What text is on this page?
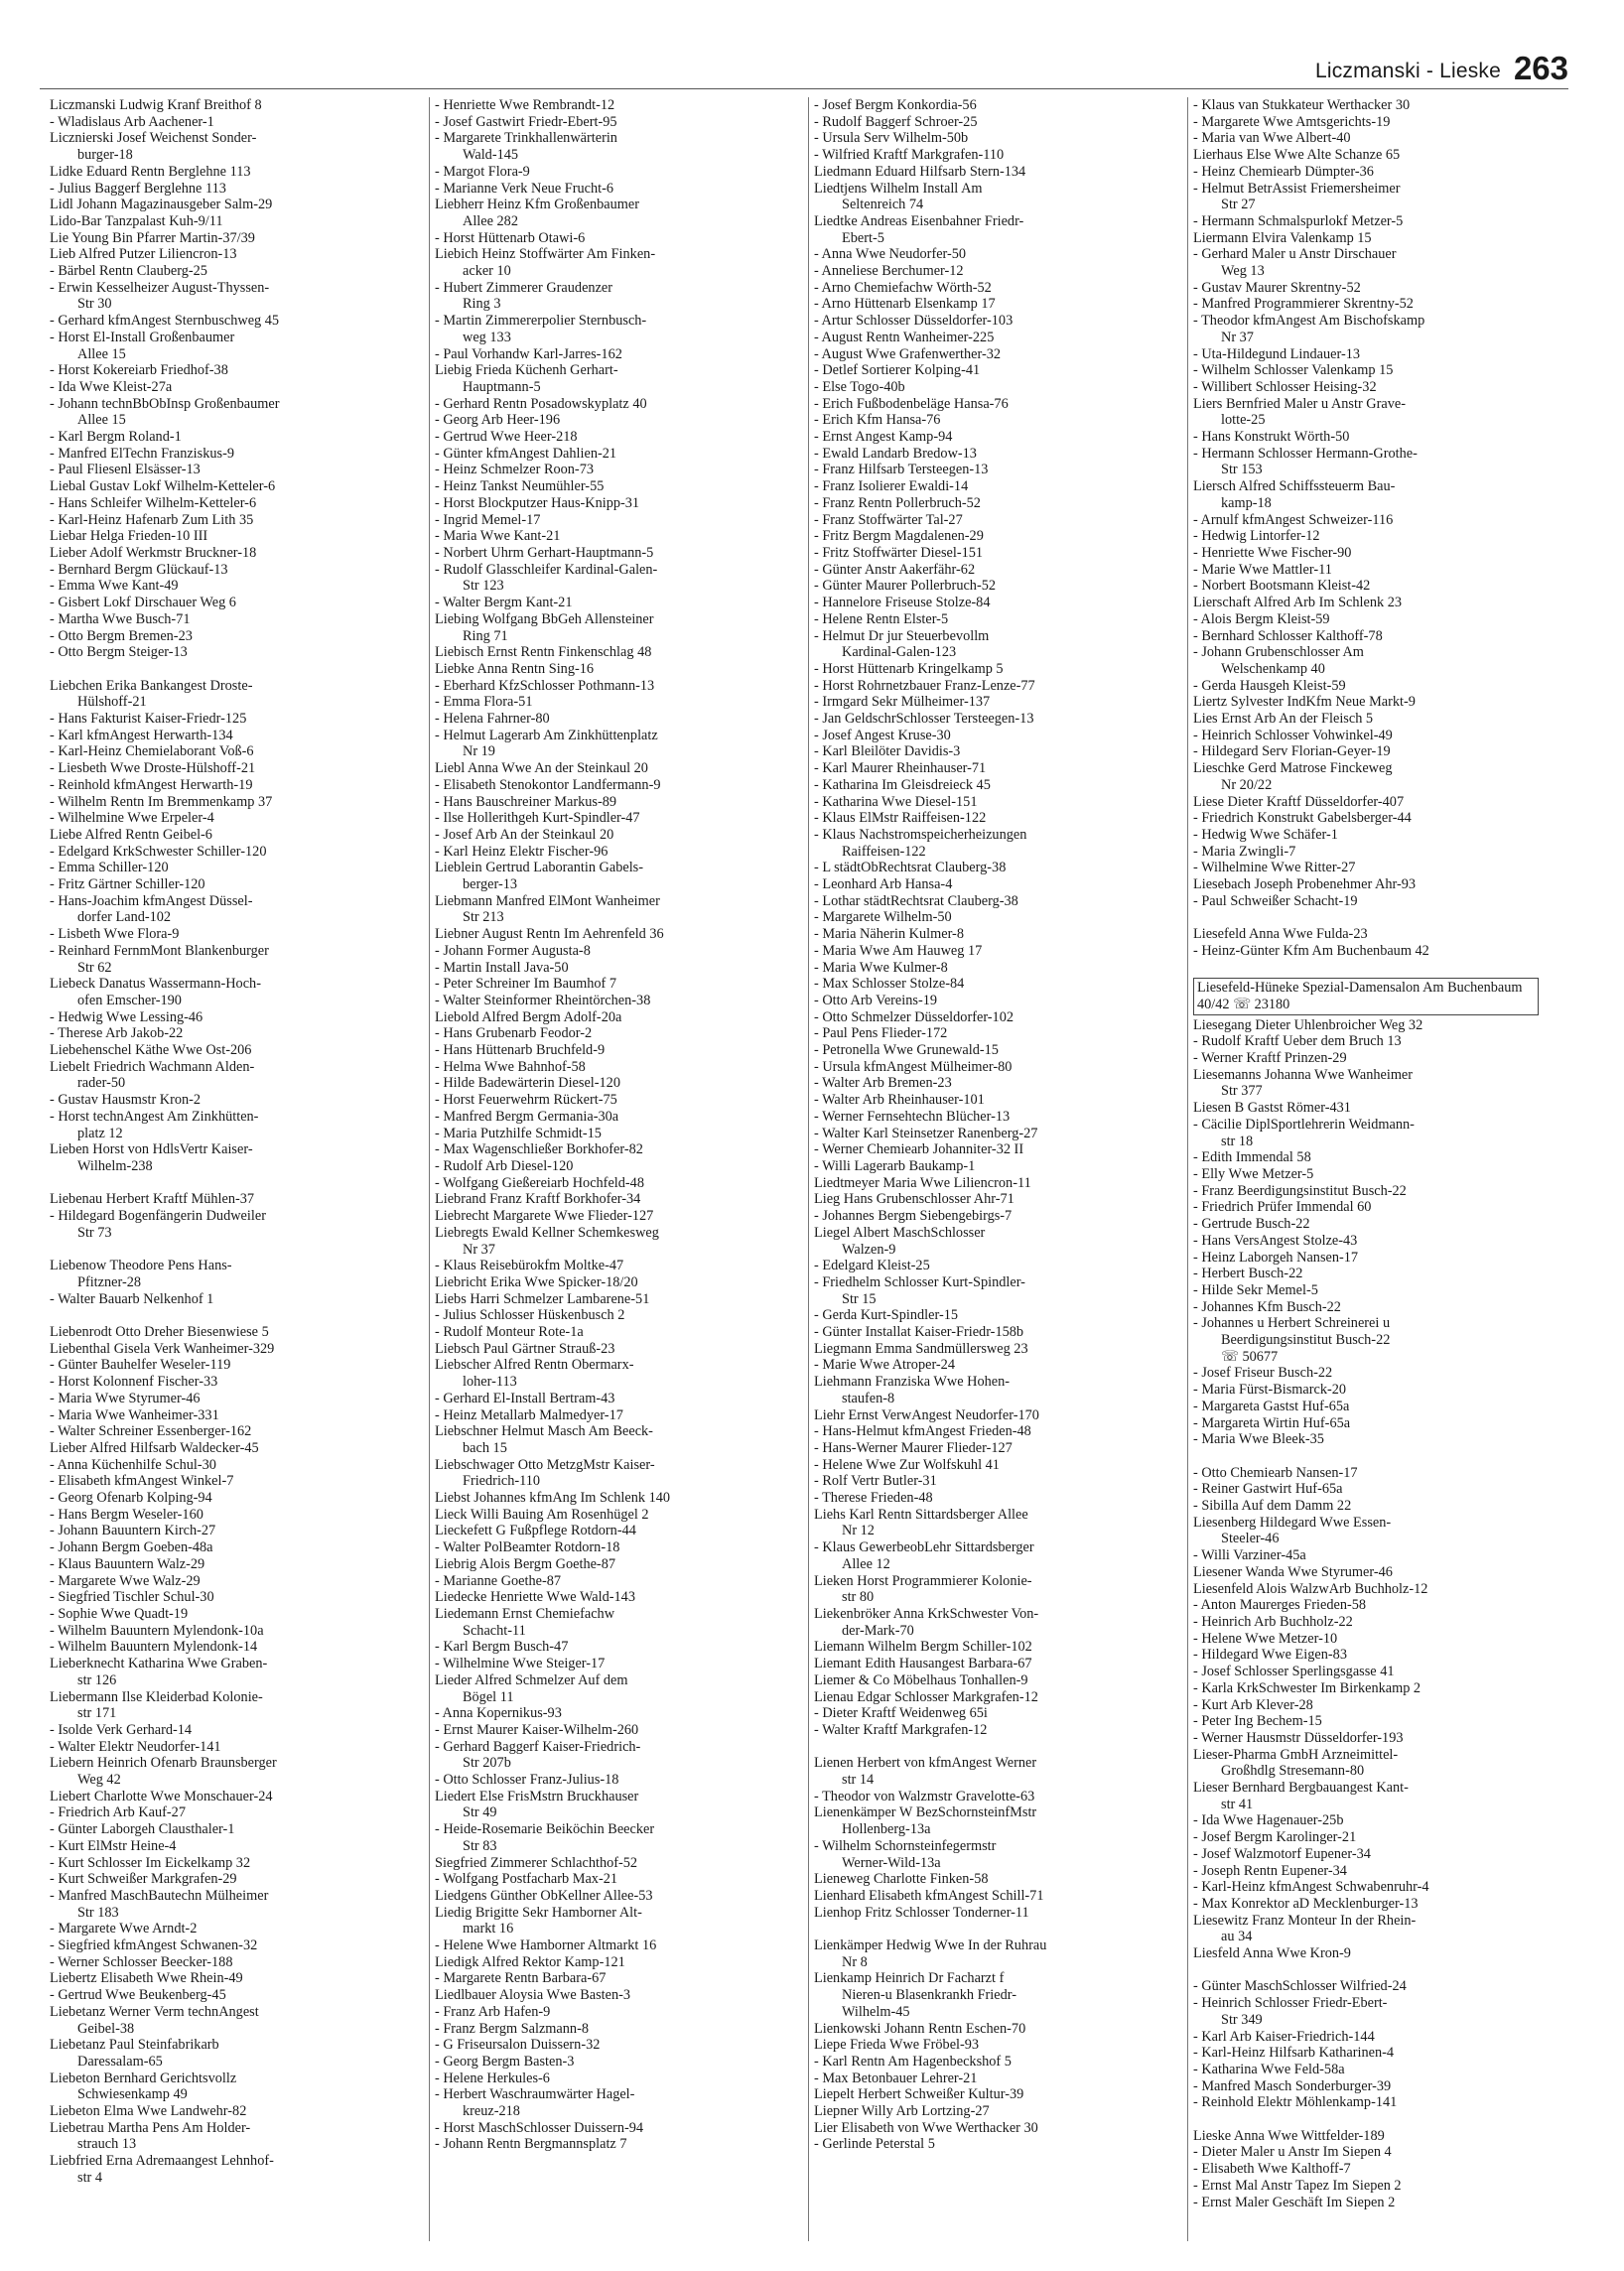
Liczmanski - Lieske 263
Liczmanski Ludwig Kranf Breithof 8
- Wladislaus Arb Aachener-1
Licznierski Josef Weichenst Sonder-
burger-18
Lidke Eduard Rentn Berglehne 113
- Julius Baggerf Berglehne 113
Lidl Johann Magazinausgeber Salm-29
Lido-Bar Tanzpalast Kuh-9/11
Lie Young Bin Pfarrer Martin-37/39
Lieb Alfred Putzer Liliencron-13
- Bärbel Rentn Clauberg-25
- Erwin Kesselheizer August-Thyssen-
Str 30
- Gerhard kfmAngest Sternbuschweg 45
- Horst El-Install Großenbaumer
Allee 15
- Horst Kokereiarb Friedhof-38
- Ida Wwe Kleist-27a
- Johann technBbObInsp Großenbaumer
Allee 15
- Karl Bergm Roland-1
- Manfred ElTechn Franziskus-9
- Paul Fliesenl Elsässer-13
Liebal Gustav Lokf Wilhelm-Ketteler-6
- Hans Schleifer Wilhelm-Ketteler-6
- Karl-Heinz Hafenarb Zum Lith 35
Liebar Helga Frieden-10 III
Lieber Adolf Werkmstr Bruckner-18
- Bernhard Bergm Glückauf-13
- Emma Wwe Kant-49
- Gisbert Lokf Dirschauer Weg 6
- Martha Wwe Busch-71
- Otto Bergm Bremen-23
- Otto Bergm Steiger-13

Liebchen Erika Bankangest Droste-
Hülshoff-21
- Hans Fakturist Kaiser-Friedr-125
- Karl kfmAngest Herwarth-134
- Karl-Heinz Chemielaborant Voß-6
- Liesbeth Wwe Droste-Hülshoff-21
- Reinhold kfmAngest Herwarth-19
- Wilhelm Rentn Im Bremmenkamp 37
- Wilhelmine Wwe Erpeler-4
Liebe Alfred Rentn Geibel-6
- Edelgard KrkSchwester Schiller-120
- Emma Schiller-120
- Fritz Gärtner Schiller-120
- Hans-Joachim kfmAngest Düssel-
dorfer Land-102
- Lisbeth Wwe Flora-9
- Reinhard FernmMont Blankenburger
Str 62
Liebeck Danatus Wassermann-Hoch-
ofen Emscher-190
- Hedwig Wwe Lessing-46
- Therese Arb Jakob-22
Liebehenschel Käthe Wwe Ost-206
Liebelt Friedrich Wachmann Alden-
rader-50
- Gustav Hausmstr Kron-2
- Horst technAngest Am Zinkhütten-
platz 12
Lieben Horst von HdlsVertr Kaiser-
Wilhelm-238

Liebenau Herbert Kraftf Mühlen-37
- Hildegard Bogenfängerin Dudweiler
Str 73

Liebenow Theodore Pens Hans-
Pfitzner-28
- Walter Bauarb Nelkenhof 1

Liebenrodt Otto Dreher Biesenwiese 5
Liebenthal Gisela Verk Wanheimer-329
- Günter Bauhelfer Weseler-119
- Horst Kolonnenf Fischer-33
- Maria Wwe Styrumer-46
- Maria Wwe Wanheimer-331
- Walter Schreiner Essenberger-162
Lieber Alfred Hilfsarb Waldecker-45
- Anna Küchenhilfe Schul-30
- Elisabeth kfmAngest Winkel-7
- Georg Ofenarb Kolping-94
- Hans Bergm Weseler-160
- Johann Bauuntern Kirch-27
- Johann Bergm Goeben-48a
- Klaus Bauuntern Walz-29
- Margarete Wwe Walz-29
- Siegfried Tischler Schul-30
- Sophie Wwe Quadt-19
- Wilhelm Bauuntern Mylendonk-10a
- Wilhelm Bauuntern Mylendonk-14
Lieberknecht Katharina Wwe Graben-
str 126
Liebermann Ilse Kleiderbad Kolonie-
str 171
- Isolde Verk Gerhard-14
- Walter Elektr Neudorfer-141
Liebern Heinrich Ofenarb Braunsberger
Weg 42
Liebert Charlotte Wwe Monschauer-24
- Friedrich Arb Kauf-27
- Günter Laborgeh Clausthaler-1
- Kurt ElMstr Heine-4
- Kurt Schlosser Im Eickelkamp 32
- Kurt Schweißer Markgrafen-29
- Manfred MaschBautechn Mülheimer
Str 183
- Margarete Wwe Arndt-2
- Siegfried kfmAngest Schwanen-32
- Werner Schlosser Beecker-188
Liebertz Elisabeth Wwe Rhein-49
- Gertrud Wwe Beukenberg-45
Liebetanz Werner Verm technAngest
Geibel-38
Liebetanz Paul Steinfabrikarb
Daressalam-65
Liebeton Bernhard Gerichtsvollz
Schwiesenkamp 49
Liebeton Elma Wwe Landwehr-82
Liebetrau Martha Pens Am Holder-
strauch 13
Liebfried Erna Adremaangest Lehnhof-
str 4
- Henriette Wwe Rembrandt-12
- Josef Gastwirt Friedr-Ebert-95
- Margarete Trinkhallenwärterin
Wald-145
- Margot Flora-9
- Marianne Verk Neue Frucht-6
Liebherr Heinz Kfm Großenbaumer
Allee 282
- Horst Hüttenarb Otawi-6
Liebich Heinz Stoffwärter Am Finken-
acker 10
- Hubert Zimmerer Graudenzer
Ring 3
- Martin Zimmererpolier Sternbusch-
weg 133
- Paul Vorhandw Karl-Jarres-162
Liebig Frieda Küchenh Gerhart-
Hauptmann-5
- Gerhard Rentn Posadowskyplatz 40
- Georg Arb Heer-196
- Gertrud Wwe Heer-218
- Günter kfmAngest Dahlien-21
- Heinz Schmelzer Roon-73
- Heinz Tankst Neumühler-55
- Horst Blockputzer Haus-Knipp-31
- Ingrid Memel-17
- Maria Wwe Kant-21
- Norbert Uhrm Gerhart-Hauptmann-5
- Rudolf Glasschleifer Kardinal-Galen-
Str 123
- Walter Bergm Kant-21
Liebing Wolfgang BbGeh Allensteiner
Ring 71
Liebisch Ernst Rentn Finkenschlag 48
Liebke Anna Rentn Sing-16
- Eberhard KfzSchlosser Pothmann-13
- Emma Flora-51
- Helena Fahrner-80
- Helmut Lagerarb Am Zinkhüttenplatz
Nr 19
Liebl Anna Wwe An der Steinkaul 20
- Elisabeth Stenokontor Landfermann-9
- Hans Bauschreiner Markus-89
- Ilse Hollerithgeh Kurt-Spindler-47
- Josef Arb An der Steinkaul 20
- Karl Heinz Elektr Fischer-96
Lieblein Gertrud Laborantin Gabels-
berger-13
Liebmann Manfred ElMont Wanheimer
Str 213
Liebner August Rentn Im Aehrenfeld 36
- Johann Former Augusta-8
- Martin Install Java-50
- Peter Schreiner Im Baumhof 7
- Walter Steinformer Rheintörchen-38
Liebold Alfred Bergm Adolf-20a
- Hans Grubenarb Feodor-2
- Hans Hüttenarb Bruchfeld-9
- Helma Wwe Bahnhof-58
- Hilde Badewärterin Diesel-120
- Horst Feuerwehrm Rückert-75
- Manfred Bergm Germania-30a
- Maria Putzhilfe Schmidt-15
- Max Wagenschließer Borkhofer-82
- Rudolf Arb Diesel-120
- Wolfgang Gießereiarb Hochfeld-48
Liebrand Franz Kraftf Borkhofer-34
Liebrecht Margarete Wwe Flieder-127
Liebregts Ewald Kellner Schemkesweg
Nr 37
- Klaus Reisebürokfm Moltke-47
Liebricht Erika Wwe Spicker-18/20
Liebs Harri Schmelzer Lambarene-51
- Julius Schlosser Hüskenbusch 2
- Rudolf Monteur Rote-1a
Liebsch Paul Gärtner Strauß-23
Liebscher Alfred Rentn Obermarx-
loher-113
- Gerhard El-Install Bertram-43
- Heinz Metallarb Malmedyer-17
Liebschner Helmut Masch Am Beeck-
bach 15
Liebschwager Otto MetzgMstr Kaiser-
Friedrich-110
Liebst Johannes kfmAng Im Schlenk 140
Lieck Willi Bauing Am Rosenhügel 2
Lieckefett G Fußpflege Rotdorn-44
- Walter PolBeamter Rotdorn-18
Liebrig Alois Bergm Goethe-87
- Marianne Goethe-87
Liedecke Henriette Wwe Wald-143
Liedemann Ernst Chemiefachw
Schacht-11
- Karl Bergm Busch-47
- Wilhelmine Wwe Steiger-17
Lieder Alfred Schmelzer Auf dem
Bögel 11
- Anna Kopernikus-93
- Ernst Maurer Kaiser-Wilhelm-260
- Gerhard Baggerf Kaiser-Friedrich-
Str 207b
- Otto Schlosser Franz-Julius-18
Liedert Else FrisMstrn Bruckhauser
Str 49
- Heide-Rosemarie Beiköchin Beecker
Str 83
Siegfried Zimmerer Schlachthof-52
- Wolfgang Postfacharb Max-21
Liedgens Günther ObKellner Allee-53
Liedig Brigitte Sekr Hamborner Alt-
markt 16
- Helene Wwe Hamborner Altmarkt 16
Liedigk Alfred Rektor Kamp-121
- Margarete Rentn Barbara-67
Liedlbauer Aloysia Wwe Basten-3
- Franz Arb Hafen-9
- Franz Bergm Salzmann-8
- G Friseursalon Duissern-32
- Georg Bergm Basten-3
- Helene Herkules-6
- Herbert Waschraumwärter Hagel-
kreuz-218
- Horst MaschSchlosser Duissern-94
- Johann Rentn Bergmannsplatz 7
- Josef Bergm Konkordia-56
- Rudolf Baggerf Schroer-25
- Ursula Serv Wilhelm-50b
- Wilfried Kraftf Markgrafen-110
Liedmann Eduard Hilfsarb Stern-134
Liedtjens Wilhelm Install Am
Seltenreich 74
Liedtke Andreas Eisenbahner Friedr-
Ebert-5
- Anna Wwe Neudorfer-50
- Anneliese Berchumer-12
- Arno Chemiefachw Wörth-52
- Arno Hüttenarb Elsenkamp 17
- Artur Schlosser Düsseldorfer-103
- August Rentn Wanheimer-225
- August Wwe Grafenwerther-32
- Detlef Sortierer Kolping-41
- Else Togo-40b
- Erich Fußbodenbeläge Hansa-76
- Erich Kfm Hansa-76
- Ernst Angest Kamp-94
- Ewald Landarb Bredow-13
- Franz Hilfsarb Tersteegen-13
- Franz Isolierer Ewaldi-14
- Franz Rentn Pollerbruch-52
- Franz Stoffwärter Tal-27
- Fritz Bergm Magdalenen-29
- Fritz Stoffwärter Diesel-151
- Günter Anstr Aakerfähr-62
- Günter Maurer Pollerbruch-52
- Hannelore Friseuse Stolze-84
- Helene Rentn Elster-5
- Helmut Dr jur Steuerbevollm
Kardinal-Galen-123
- Horst Hüttenarb Kringelkamp 5
- Horst Rohrnetzbauer Franz-Lenze-77
- Irmgard Sekr Mülheimer-137
- Jan GeldschrSchlosser Tersteegen-13
- Josef Angest Kruse-30
- Karl Bleilöter Davidis-3
- Karl Maurer Rheinhauser-71
- Katharina Im Gleisdreieck 45
- Katharina Wwe Diesel-151
- Klaus ElMstr Raiffeisen-122
- Klaus Nachstromspeicherheizungen
Raiffeisen-122
- L städtObRechtsrat Clauberg-38
- Leonhard Arb Hansa-4
- Lothar städtRechtsrat Clauberg-38
- Margarete Wilhelm-50
- Maria Näherin Kulmer-8
- Maria Wwe Am Hauweg 17
- Maria Wwe Kulmer-8
- Max Schlosser Stolze-84
- Otto Arb Vereins-19
- Otto Schmelzer Düsseldorfer-102
- Paul Pens Flieder-172
- Petronella Wwe Grunewald-15
- Ursula kfmAngest Mülheimer-80
- Walter Arb Bremen-23
- Walter Arb Rheinhauser-101
- Werner Fernsehtechn Blücher-13
- Walter Karl Steinsetzer Ranenberg-27
- Werner Chemiearb Johanniter-32 II
- Willi Lagerarb Baukamp-1
Liedtmeyer Maria Wwe Liliencron-11
Lieg Hans Grubenschlosser Ahr-71
- Johannes Bergm Siebengebirgs-7
Liegel Albert MaschSchlosser
Walzen-9
- Edelgard Kleist-25
- Friedhelm Schlosser Kurt-Spindler-
Str 15
- Gerda Kurt-Spindler-15
- Günter Installat Kaiser-Friedr-158b
Liegmann Emma Sandmüllersweg 23
- Marie Wwe Atroper-24
Liehmann Franziska Wwe Hohen-
staufen-8
Liehr Ernst VerwAngest Neudorfer-170
- Hans-Helmut kfmAngest Frieden-48
- Hans-Werner Maurer Flieder-127
- Helene Wwe Zur Wolfskuhl 41
- Rolf Vertr Butler-31
- Therese Frieden-48
Liehs Karl Rentn Sittardsberger Allee
Nr 12
- Klaus GewerbeobLehr Sittardsberger
Allee 12
Lieken Horst Programmierer Kolonie-
str 80
Liekenbröker Anna KrkSchwester Von-
der-Mark-70
Liemann Wilhelm Bergm Schiller-102
Liemant Edith Hausangest Barbara-67
Liemer & Co Möbelhaus Tonhallen-9
Lienau Edgar Schlosser Markgrafen-12
- Dieter Kraftf Weidenweg 65i
- Walter Kraftf Markgrafen-12

Lienen Herbert von kfmAngest Werner
str 14
- Theodor von Walzmstr Gravelotte-63
Lienenkämper W BezSchornsteinfMstr
Hollenberg-13a
- Wilhelm Schornsteinfegermstr
Werner-Wild-13a
Lieneweg Charlotte Finken-58
Lienhard Elisabeth kfmAngest Schill-71
Lienhop Fritz Schlosser Tonderner-11

Lienkämper Hedwig Wwe In der Ruhrau
Nr 8
Lienkamp Heinrich Dr Facharzt f
Nieren-u Blasenkrankh Friedr-
Wilhelm-45
Lienkowski Johann Rentn Eschen-70
Liepe Frieda Wwe Fröbel-93
- Karl Rentn Am Hagenbeckshof 5
- Max Betonbauer Lehrer-21
Liepelt Herbert Schweißer Kultur-39
Liepner Willy Arb Lortzing-27
Lier Elisabeth von Wwe Werthacker 30
- Gerlinde Peterstal 5
- Klaus van Stukkateur Werthacker 30
- Margarete Wwe Amtsgerichts-19
- Maria van Wwe Albert-40
Lierhaus Else Wwe Alte Schanze 65
- Heinz Chemiearb Dümpter-36
- Helmut BetrAssist Friemersheimer
Str 27
- Hermann Schmalspurlokf Metzer-5
Liermann Elvira Valenkamp 15
- Gerhard Maler u Anstr Dirschauer
Weg 13
- Gustav Maurer Skrentny-52
- Manfred Programmierer Skrentny-52
- Theodor kfmAngest Am Bischofskamp
Nr 37
- Uta-Hildegund Lindauer-13
- Wilhelm Schlosser Valenkamp 15
- Willibert Schlosser Heising-32
Liers Bernfried Maler u Anstr Grave-
lotte-25
- Hans Konstrukt Wörth-50
- Hermann Schlosser Hermann-Grothe-
Str 153
Liersch Alfred Schiffssteuerm Bau-
kamp-18
- Arnulf kfmAngest Schweizer-116
- Hedwig Lintorfer-12
- Henriette Wwe Fischer-90
- Marie Wwe Mattler-11
- Norbert Bootsmann Kleist-42
Lierschaft Alfred Arb Im Schlenk 23
- Alois Bergm Kleist-59
- Bernhard Schlosser Kalthoff-78
- Johann Grubenschlosser Am
Welschenkamp 40
- Gerda Hausgeh Kleist-59
Liertz Sylvester IndKfm Neue Markt-9
Lies Ernst Arb An der Fleisch 5
- Heinrich Schlosser Vohwinkel-49
- Hildegard Serv Florian-Geyer-19
Lieschke Gerd Matrose Finckeweg
Nr 20/22
Liese Dieter Kraftf Düsseldorfer-407
- Friedrich Konstrukt Gabelsberger-44
- Hedwig Wwe Schäfer-1
- Maria Zwingli-7
- Wilhelmine Wwe Ritter-27
Liesebach Joseph Probenehmer Ahr-93
- Paul Schweißer Schacht-19

Liesefeld Anna Wwe Fulda-23
- Heinz-Günter Kfm Am Buchenbaum 42

Liesefeld-Hüneke Spezial-Damensalon Am Buchenbaum 40/42 ☏ 23180
Liesegang Dieter Uhlenbroicher Weg 32
- Rudolf Kraftf Ueber dem Bruch 13
- Werner Kraftf Prinzen-29
Liesemanns Johanna Wwe Wanheimer
Str 377
Liesen B Gastst Römer-431
- Cäcilie DiplSportlehrerin Weidmann-
str 18
- Edith Immendal 58
- Elly Wwe Metzer-5
- Franz Beerdigungsinstitut Busch-22
- Friedrich Prüfer Immendal 60
- Gertrude Busch-22
- Hans VersAngest Stolze-43
- Heinz Laborgeh Nansen-17
- Herbert Busch-22
- Hilde Sekr Memel-5
- Johannes Kfm Busch-22
- Johannes u Herbert Schreinerei u
Beerdigungsinstitut Busch-22
☏ 50677
- Josef Friseur Busch-22
- Maria Fürst-Bismarck-20
- Margareta Gastst Huf-65a
- Margareta Wirtin Huf-65a
- Maria Wwe Bleek-35

- Otto Chemiearb Nansen-17
- Reiner Gastwirt Huf-65a
- Sibilla Auf dem Damm 22
Liesenberg Hildegard Wwe Essen-
Steeler-46
- Willi Varziner-45a
Liesener Wanda Wwe Styrumer-46
Liesenfeld Alois WalzwArb Buchholz-12
- Anton Maurerges Frieden-58
- Heinrich Arb Buchholz-22
- Helene Wwe Metzer-10
- Hildegard Wwe Eigen-83
- Josef Schlosser Sperlingsgasse 41
- Karla KrkSchwester Im Birkenkamp 2
- Kurt Arb Klever-28
- Peter Ing Bechem-15
- Werner Hausmstr Düsseldorfer-193
Lieser-Pharma GmbH Arzneimittel-
Großhdlg Stresemann-80
Lieser Bernhard Bergbauangest Kant-
str 41
- Ida Wwe Hagenauer-25b
- Josef Bergm Karolinger-21
- Josef Walzmotorf Eupener-34
- Joseph Rentn Eupener-34
- Karl-Heinz kfmAngest Schwabenruhr-4
- Max Konrektor aD Mecklenburger-13
Liesewitz Franz Monteur In der Rhein-
au 34
Liesfeld Anna Wwe Kron-9

- Günter MaschSchlosser Wilfried-24
- Heinrich Schlosser Friedr-Ebert-
Str 349
- Karl Arb Kaiser-Friedrich-144
- Karl-Heinz Hilfsarb Katharinen-4
- Katharina Wwe Feld-58a
- Manfred Masch Sonderburger-39
- Reinhold Elektr Möhlenkamp-141

Lieske Anna Wwe Wittfelder-189
- Dieter Maler u Anstr Im Siepen 4
- Elisabeth Wwe Kalthoff-7
- Ernst Mal Anstr Tapez Im Siepen 2
- Ernst Maler Geschäft Im Siepen 2
